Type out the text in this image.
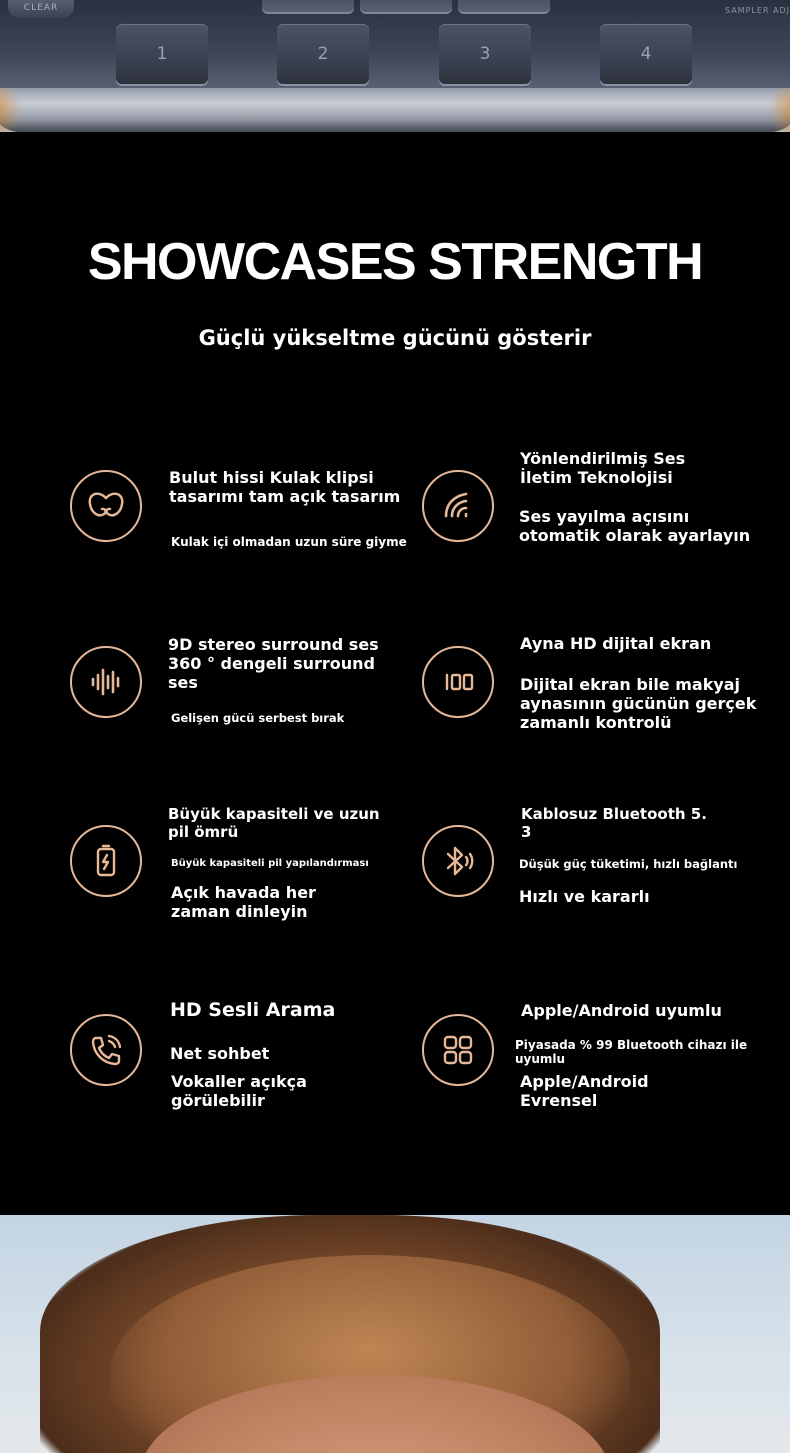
CLEAR	SAMPLER ADJ
1	2	3	4
SHOWCASES STRENGTH
Güçlü yükseltme gücünü gösterir
Bulut hissi Kulak klipsi
tasarımı tam açık tasarım
Kulak içi olmadan uzun süre giyme
Yönlendirilmiş Ses
İletim Teknolojisi
Ses yayılma açısını
otomatik olarak ayarlayın
9D stereo surround ses
360 ° dengeli surround
ses
Gelişen gücü serbest bırak
Ayna HD dijital ekran
Dijital ekran bile makyaj
aynasının gücünün gerçek
zamanlı kontrolü
Büyük kapasiteli ve uzun
pil ömrü
Büyük kapasiteli pil yapılandırması
Açık havada her
zaman dinleyin
Kablosuz Bluetooth 5.
3
Düşük güç tüketimi, hızlı bağlantı
Hızlı ve kararlı
HD Sesli Arama
Net sohbet
Vokaller açıkça
görülebilir
Apple/Android uyumlu
Piyasada % 99 Bluetooth cihazı ile
uyumlu
Apple/Android
Evrensel
